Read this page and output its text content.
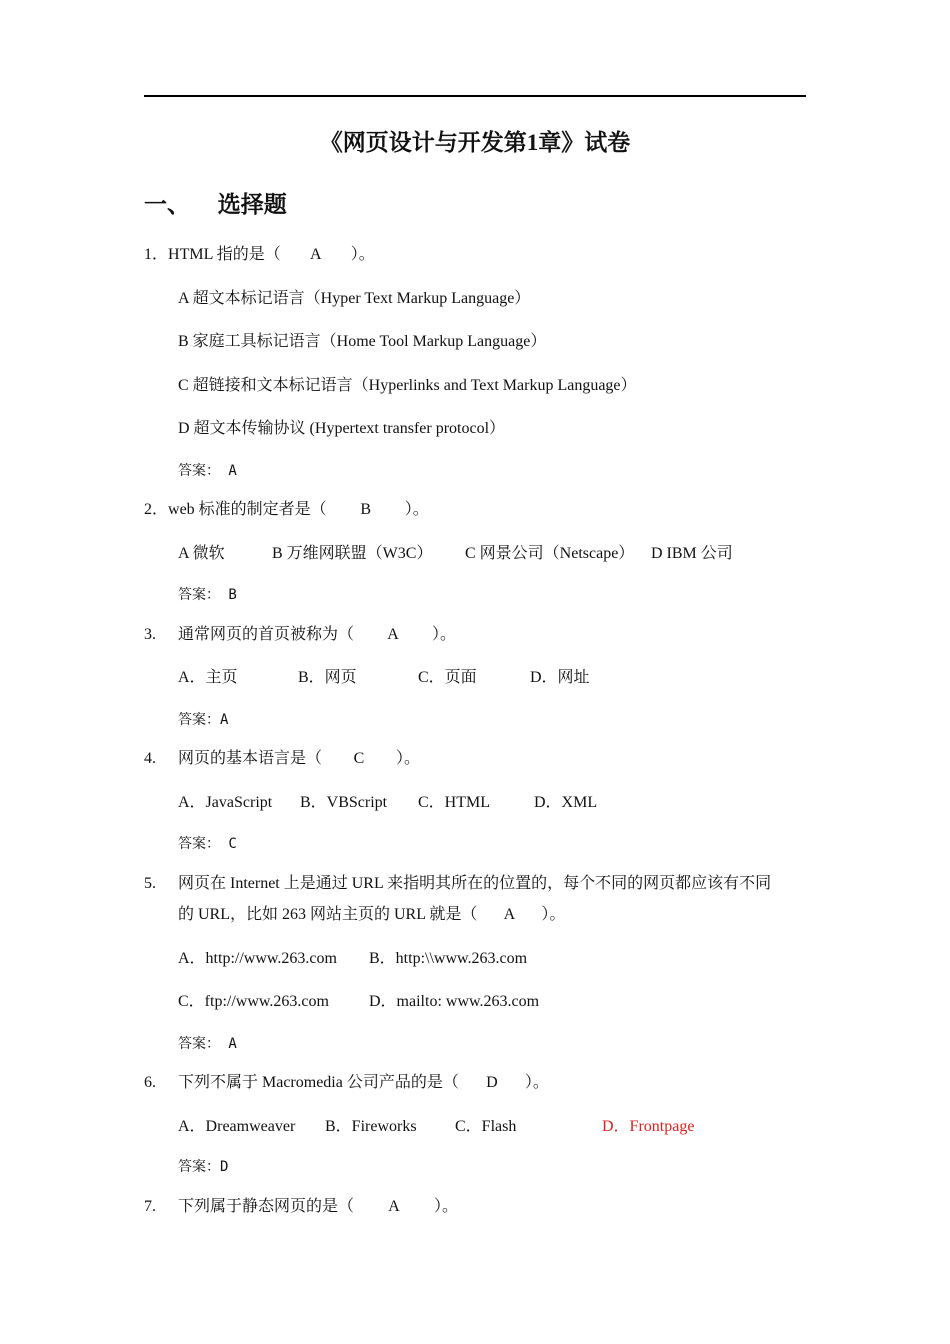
《网页设计与开发第1章》试卷
一、 选择题
1．HTML 指的是（ A ）。
A 超文本标记语言（Hyper Text Markup Language）
B 家庭工具标记语言（Home Tool Markup Language）
C 超链接和文本标记语言（Hyperlinks and Text Markup Language）
D 超文本传输协议 (Hypertext transfer protocol）
答案： A
2．web 标准的制定者是（ B ）。
A 微软	B 万维网联盟（W3C） C 网景公司（Netscape） D IBM 公司
答案： B
3. 通常网页的首页被称为（ A ）。
A．主页	B．网页	C．页面	D．网址
答案：A
4. 网页的基本语言是（ C ）。
A．JavaScript B．VBScript C．HTML	D．XML
答案： C
5. 网页在 Internet 上是通过 URL 来指明其所在的位置的，每个不同的网页都应该有不同
的 URL，比如 263 网站主页的 URL 就是（ A ）。
A．http://www.263.com B．http:\\www.263.com
C．ftp://www.263.com	D．mailto: www.263.com
答案： A
6. 下列不属于 Macromedia 公司产品的是（ D ）。
A．Dreamweaver B．Fireworks C．Flash	D．Frontpage
答案：D
7. 下列属于静态网页的是（ A ）。
